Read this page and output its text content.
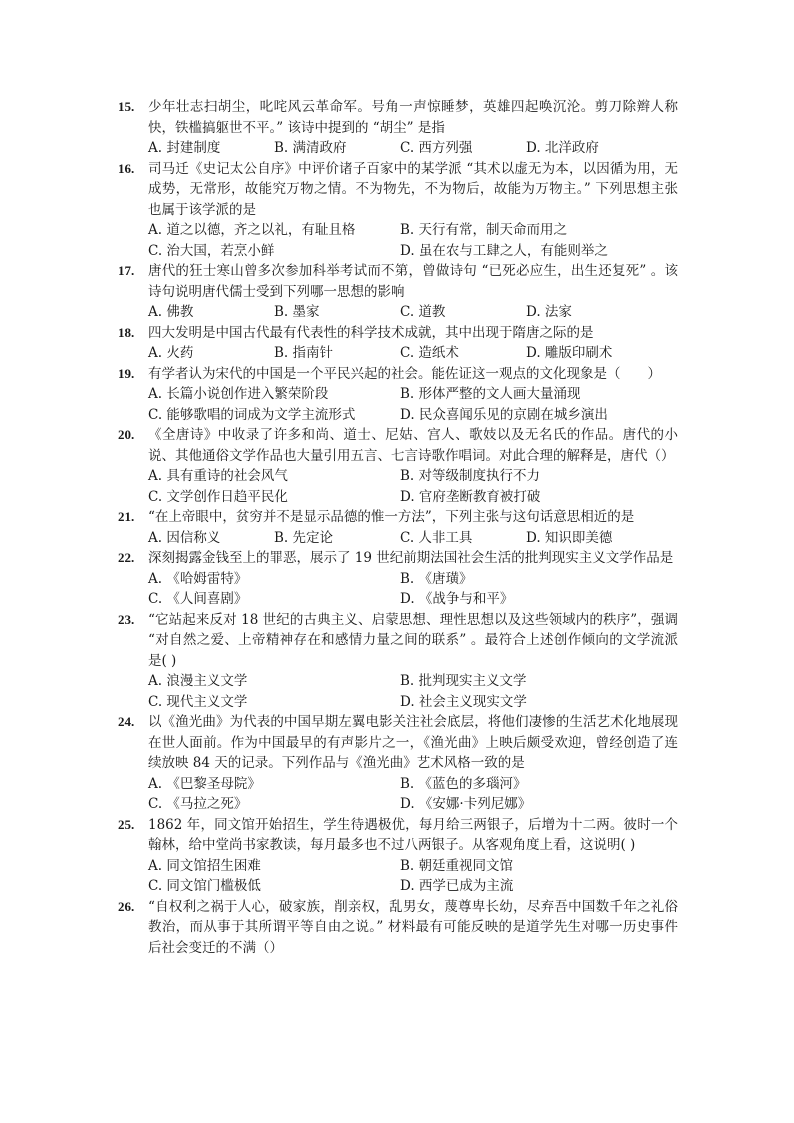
15.	少年壮志扫胡尘，叱咤风云革命军。号角一声惊睡梦，英雄四起唤沉沦。剪刀除辫人称快，铁槛搞躯世不平。” 该诗中提到的 “胡尘” 是指
A. 封建制度	B. 满清政府	C. 西方列强	D. 北洋政府
16.	司马迁《史记太公自序》中评价诸子百家中的某学派 “其术以虚无为本，以因循为用，无成势，无常形，故能究万物之情。不为物先，不为物后，故能为万物主。” 下列思想主张也属于该学派的是
A. 道之以德，齐之以礼，有耻且格	B. 天行有常，制天命而用之
C. 治大国，若烹小鲜	D. 虽在农与工肆之人，有能则举之
17.	唐代的狂士寒山曾多次参加科举考试而不第，曾做诗句 “已死必应生，出生还复死” 。该诗句说明唐代儒士受到下列哪一思想的影响
A. 佛教	B. 墨家	C. 道教	D. 法家
18.	四大发明是中国古代最有代表性的科学技术成就，其中出现于隋唐之际的是
A. 火药	B. 指南针	C. 造纸术	D. 雕版印刷术
19.	有学者认为宋代的中国是一个平民兴起的社会。能佐证这一观点的文化现象是（　　）
A. 长篇小说创作进入繁荣阶段	B. 形体严整的文人画大量涌现
C. 能够歌唱的词成为文学主流形式	D. 民众喜闻乐见的京剧在城乡演出
20.	《全唐诗》中收录了许多和尚、道士、尼姑、宫人、歌妓以及无名氏的作品。唐代的小说、其他通俗文学作品也大量引用五言、七言诗歌作唱词。对此合理的解释是，唐代（）
A. 具有重诗的社会风气	B. 对等级制度执行不力
C. 文学创作日趋平民化	D. 官府垄断教育被打破
21.	“在上帝眼中，贫穷并不是显示品德的惟一方法”，下列主张与这句话意思相近的是
A. 因信称义	B. 先定论	C. 人非工具	D. 知识即美德
22.	深刻揭露金钱至上的罪恶，展示了 19 世纪前期法国社会生活的批判现实主义文学作品是
A. 《哈姆雷特》	B. 《唐璜》
C. 《人间喜剧》	D. 《战争与和平》
23.	“它站起来反对 18 世纪的古典主义、启蒙思想、理性思想以及这些领域内的秩序”，强调 “对自然之爱、上帝精神存在和感情力量之间的联系” 。最符合上述创作倾向的文学流派是( )
A. 浪漫主义文学	B. 批判现实主义文学
C. 现代主义文学	D. 社会主义现实文学
24.	以《渔光曲》为代表的中国早期左翼电影关注社会底层，将他们凄惨的生活艺术化地展现在世人面前。作为中国最早的有声影片之一，《渔光曲》上映后颇受欢迎，曾经创造了连续放映 84 天的记录。下列作品与《渔光曲》艺术风格一致的是
A. 《巴黎圣母院》	B. 《蓝色的多瑙河》
C. 《马拉之死》	D. 《安娜·卡列尼娜》
25.	1862 年，同文馆开始招生，学生待遇极优，每月给三两银子，后增为十二两。彼时一个翰林，给中堂尚书家教读，每月最多也不过八两银子。从客观角度上看，这说明( )
A. 同文馆招生困难	B. 朝廷重视同文馆
C. 同文馆门槛极低	D. 西学已成为主流
26.	“自权利之祸于人心，破家族，削亲权，乱男女，蔑尊卑长幼，尽弃吾中国数千年之礼俗教治，而从事于其所谓平等自由之说。” 材料最有可能反映的是道学先生对哪一历史事件后社会变迁的不满（）
